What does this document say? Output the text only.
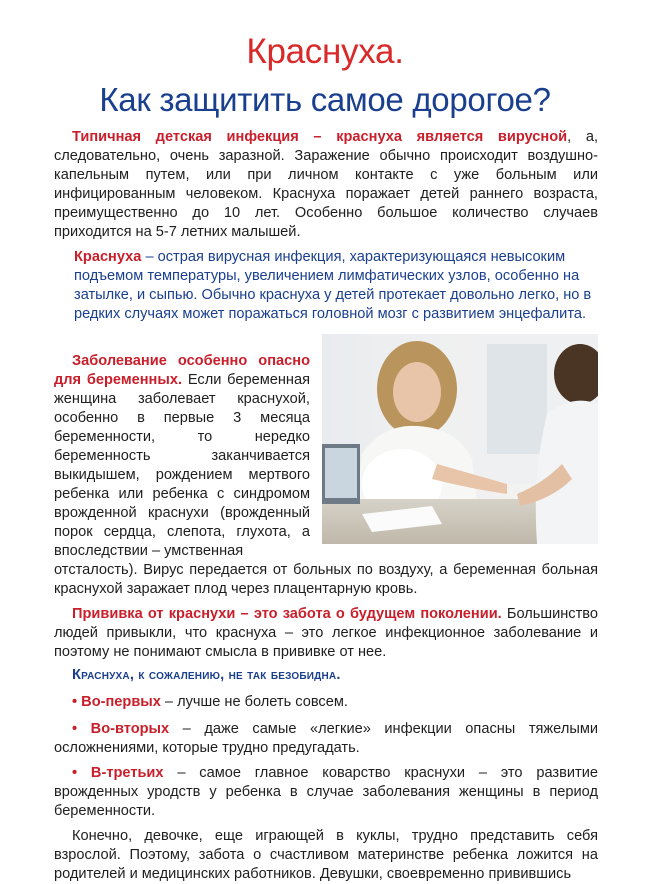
Краснуха.
Как защитить самое дорогое?

Типичная детская инфекция – краснуха является вирусной, а, следовательно, очень заразной. Заражение обычно происходит воздушно-капельным путем, или при личном контакте с уже больным или инфицированным человеком. Краснуха поражает детей раннего возраста, преимущественно до 10 лет. Особенно большое количество случаев приходится на 5-7 летних малышей.

Краснуха – острая вирусная инфекция, характеризующаяся невысоким подъемом температуры, увеличением лимфатических узлов, особенно на затылке, и сыпью. Обычно краснуха у детей протекает довольно легко, но в редких случаях может поражаться головной мозг с развитием энцефалита.

Заболевание особенно опасно для беременных. Если беременная женщина заболевает краснухой, особенно в первые 3 месяца беременности, то нередко беременность заканчивается выкидышем, рождением мертвого ребенка или ребенка с синдромом врожденной краснухи (врожденный порок сердца, слепота, глухота, а впоследствии – умственная

отсталость). Вирус передается от больных по воздуху, а беременная больная краснухой заражает плод через плацентарную кровь.

Прививка от краснухи – это забота о будущем поколении. Большинство людей привыкли, что краснуха – это легкое инфекционное заболевание и поэтому не понимают смысла в прививке от нее.

Краснуха, к сожалению, не так безобидна.
• Во-первых – лучше не болеть совсем.
• Во-вторых – даже самые «легкие» инфекции опасны тяжелыми осложнениями, которые трудно предугадать.
• В-третьих – самое главное коварство краснухи – это развитие врожденных уродств у ребенка в случае заболевания женщины в период беременности.

Конечно, девочке, еще играющей в куклы, трудно представить себя взрослой. Поэтому, забота о счастливом материнстве ребенка ложится на родителей и медицинских работников. Девушки, своевременно привившись
